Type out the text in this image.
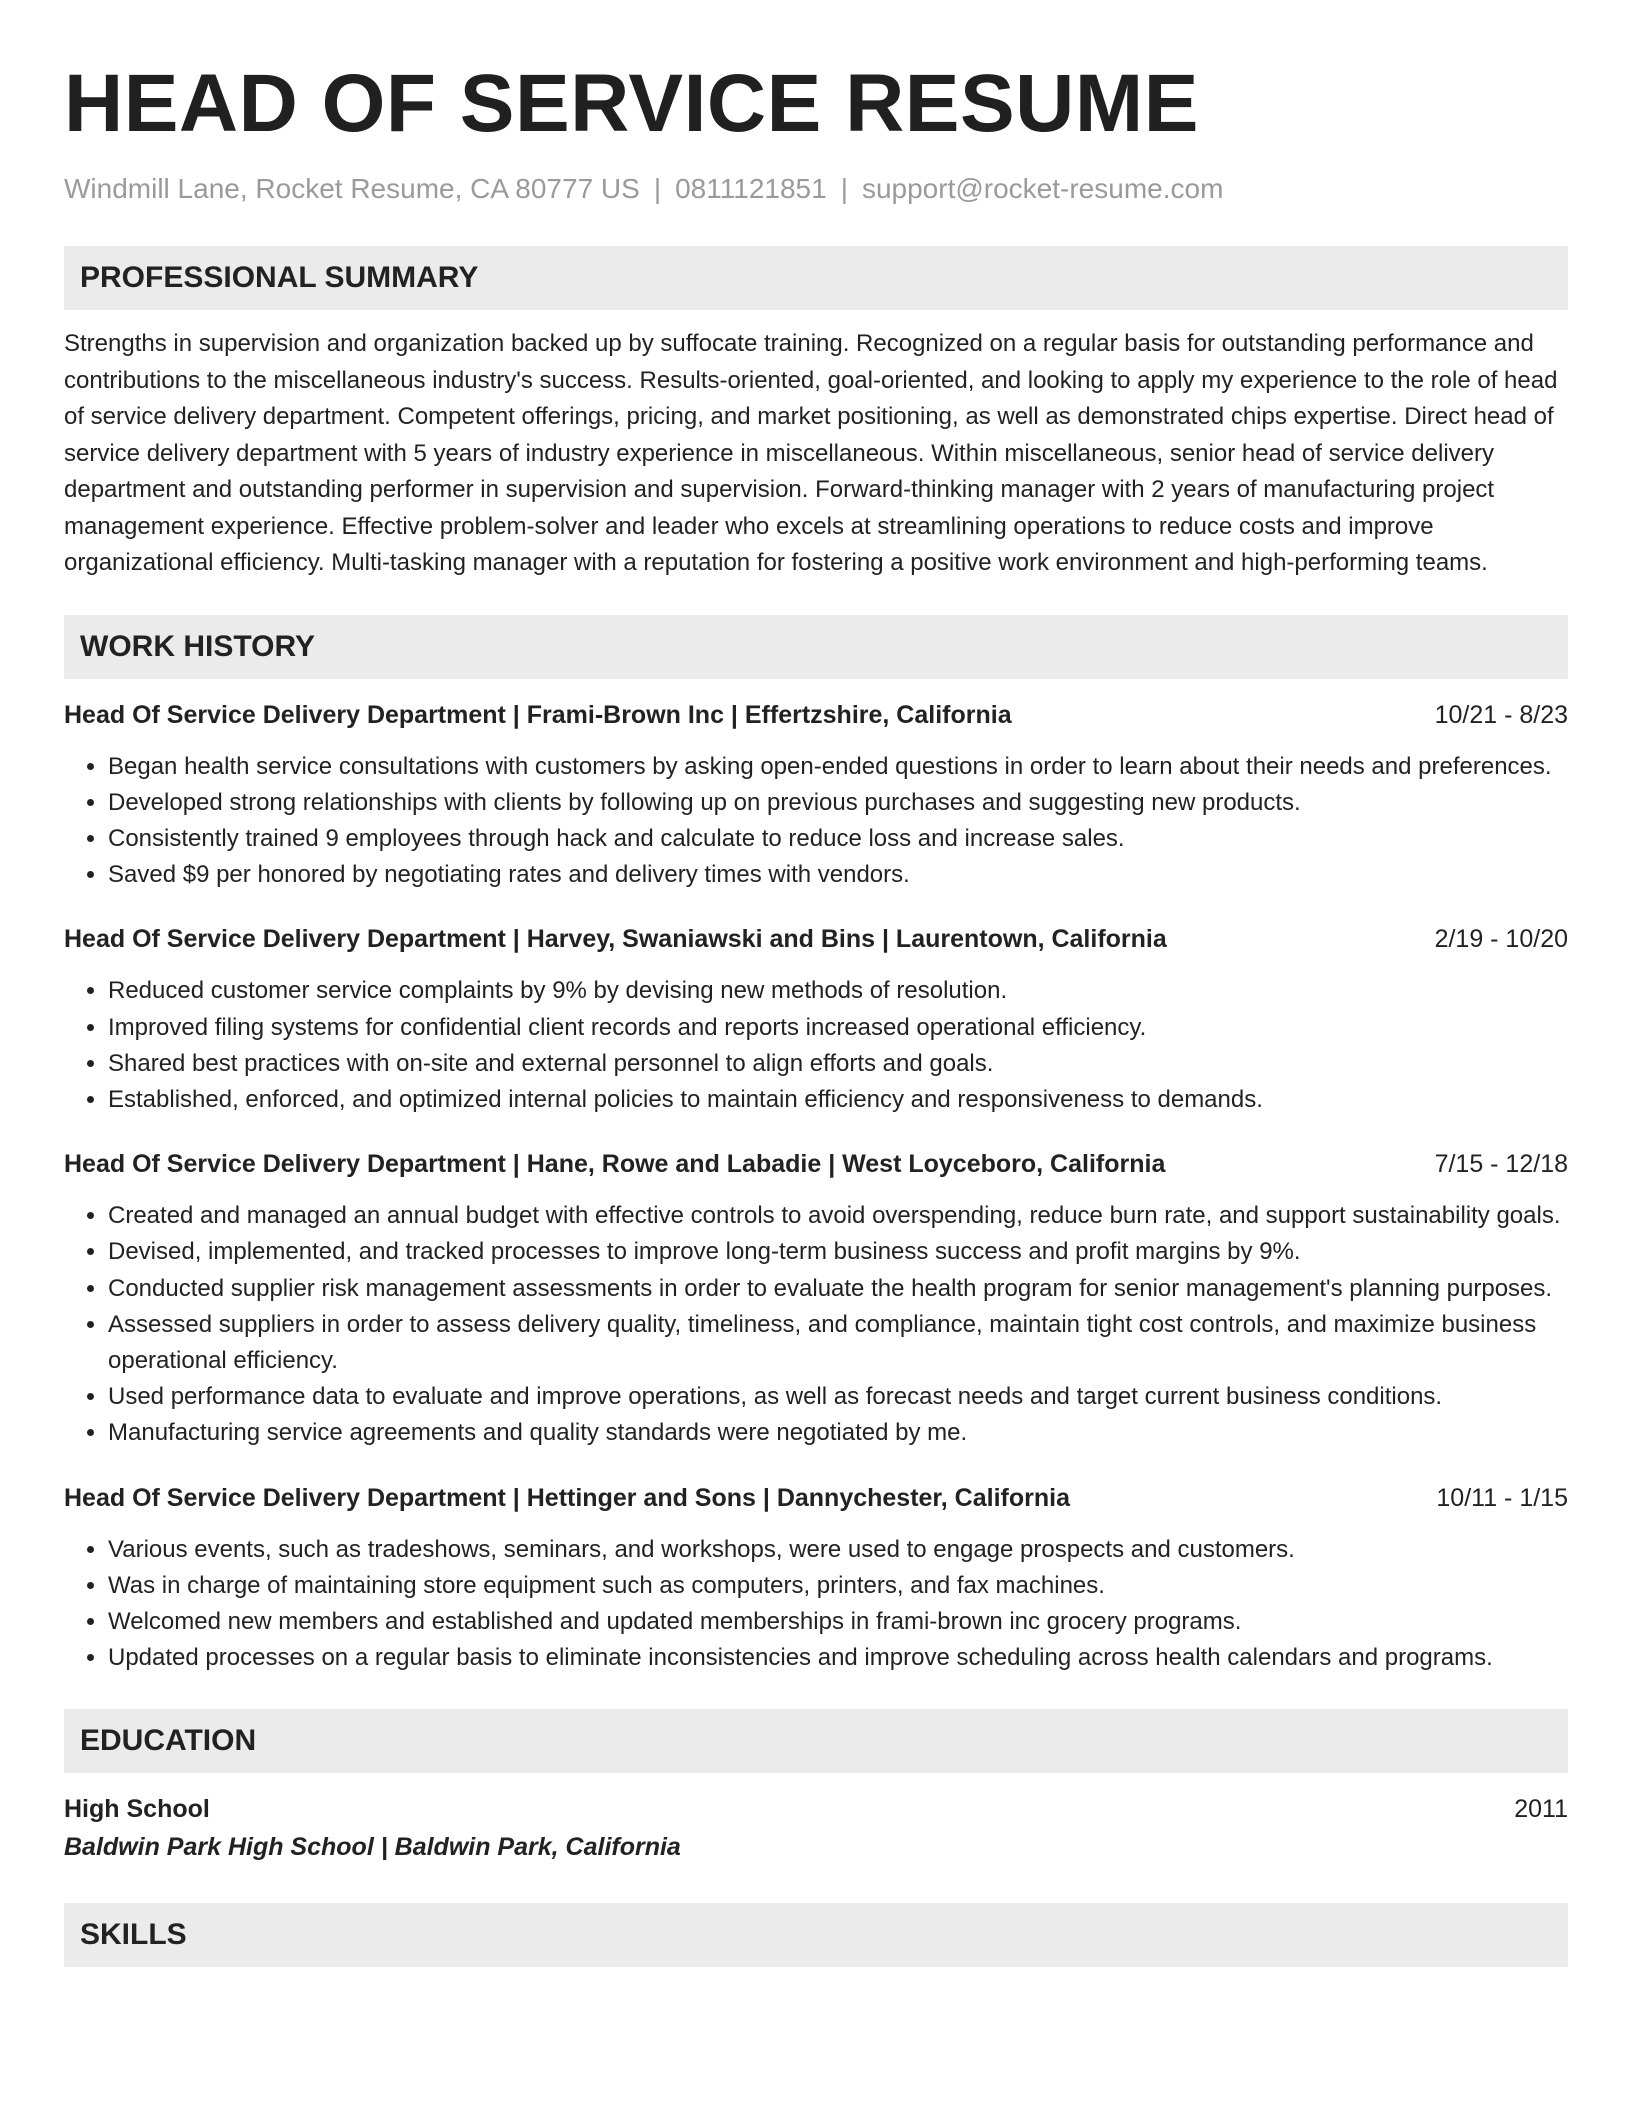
HEAD OF SERVICE RESUME
Windmill Lane, Rocket Resume, CA 80777 US | 0811121851 | support@rocket-resume.com
PROFESSIONAL SUMMARY
Strengths in supervision and organization backed up by suffocate training. Recognized on a regular basis for outstanding performance and contributions to the miscellaneous industry's success. Results-oriented, goal-oriented, and looking to apply my experience to the role of head of service delivery department. Competent offerings, pricing, and market positioning, as well as demonstrated chips expertise. Direct head of service delivery department with 5 years of industry experience in miscellaneous. Within miscellaneous, senior head of service delivery department and outstanding performer in supervision and supervision. Forward-thinking manager with 2 years of manufacturing project management experience. Effective problem-solver and leader who excels at streamlining operations to reduce costs and improve organizational efficiency. Multi-tasking manager with a reputation for fostering a positive work environment and high-performing teams.
WORK HISTORY
Head Of Service Delivery Department | Frami-Brown Inc | Effertzshire, California	10/21 - 8/23
• Began health service consultations with customers by asking open-ended questions in order to learn about their needs and preferences.
• Developed strong relationships with clients by following up on previous purchases and suggesting new products.
• Consistently trained 9 employees through hack and calculate to reduce loss and increase sales.
• Saved $9 per honored by negotiating rates and delivery times with vendors.
Head Of Service Delivery Department | Harvey, Swaniawski and Bins | Laurentown, California	2/19 - 10/20
• Reduced customer service complaints by 9% by devising new methods of resolution.
• Improved filing systems for confidential client records and reports increased operational efficiency.
• Shared best practices with on-site and external personnel to align efforts and goals.
• Established, enforced, and optimized internal policies to maintain efficiency and responsiveness to demands.
Head Of Service Delivery Department | Hane, Rowe and Labadie | West Loyceboro, California	7/15 - 12/18
• Created and managed an annual budget with effective controls to avoid overspending, reduce burn rate, and support sustainability goals.
• Devised, implemented, and tracked processes to improve long-term business success and profit margins by 9%.
• Conducted supplier risk management assessments in order to evaluate the health program for senior management's planning purposes.
• Assessed suppliers in order to assess delivery quality, timeliness, and compliance, maintain tight cost controls, and maximize business operational efficiency.
• Used performance data to evaluate and improve operations, as well as forecast needs and target current business conditions.
• Manufacturing service agreements and quality standards were negotiated by me.
Head Of Service Delivery Department | Hettinger and Sons | Dannychester, California	10/11 - 1/15
• Various events, such as tradeshows, seminars, and workshops, were used to engage prospects and customers.
• Was in charge of maintaining store equipment such as computers, printers, and fax machines.
• Welcomed new members and established and updated memberships in frami-brown inc grocery programs.
• Updated processes on a regular basis to eliminate inconsistencies and improve scheduling across health calendars and programs.
EDUCATION
High School	2011
Baldwin Park High School | Baldwin Park, California
SKILLS
